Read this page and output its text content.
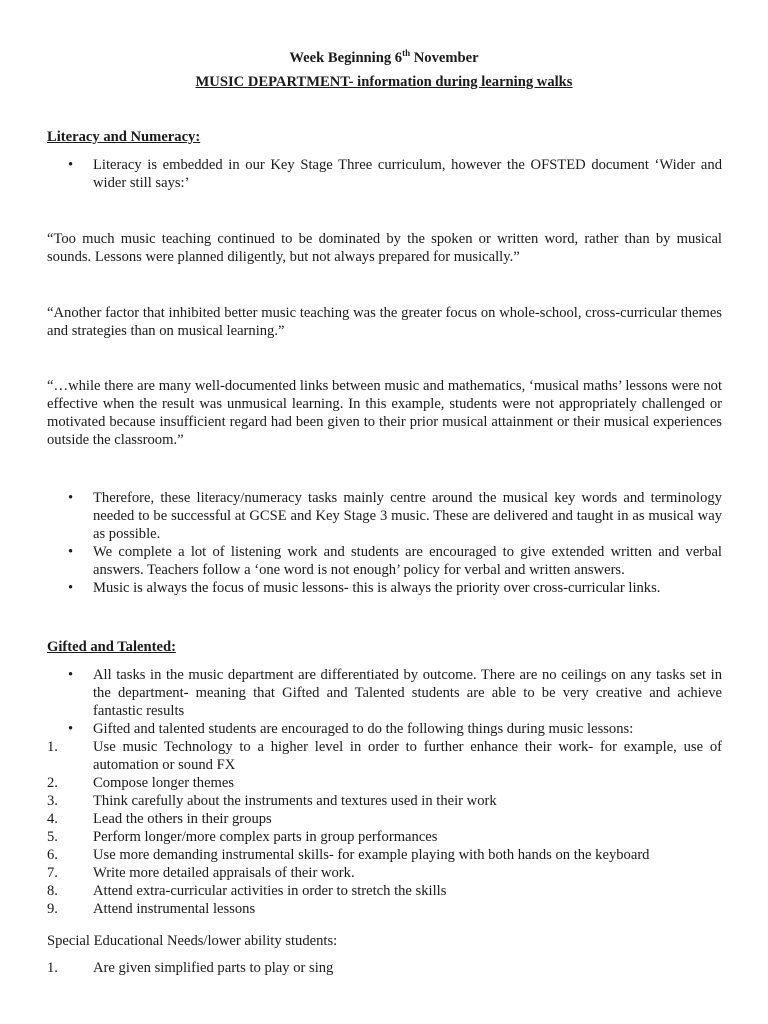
Week Beginning 6th November
MUSIC DEPARTMENT- information during learning walks
Literacy and Numeracy:
• Literacy is embedded in our Key Stage Three curriculum, however the OFSTED document ‘Wider and wider still says:’
“Too much music teaching continued to be dominated by the spoken or written word, rather than by musical sounds. Lessons were planned diligently, but not always prepared for musically.”
“Another factor that inhibited better music teaching was the greater focus on whole-school, cross-curricular themes and strategies than on musical learning.”
“…while there are many well-documented links between music and mathematics, ‘musical maths’ lessons were not effective when the result was unmusical learning. In this example, students were not appropriately challenged or motivated because insufficient regard had been given to their prior musical attainment or their musical experiences outside the classroom.”
• Therefore, these literacy/numeracy tasks mainly centre around the musical key words and terminology needed to be successful at GCSE and Key Stage 3 music. These are delivered and taught in as musical way as possible.
• We complete a lot of listening work and students are encouraged to give extended written and verbal answers. Teachers follow a ‘one word is not enough’ policy for verbal and written answers.
• Music is always the focus of music lessons- this is always the priority over cross-curricular links.
Gifted and Talented:
• All tasks in the music department are differentiated by outcome. There are no ceilings on any tasks set in the department- meaning that Gifted and Talented students are able to be very creative and achieve fantastic results
• Gifted and talented students are encouraged to do the following things during music lessons:
1. Use music Technology to a higher level in order to further enhance their work- for example, use of automation or sound FX
2. Compose longer themes
3. Think carefully about the instruments and textures used in their work
4. Lead the others in their groups
5. Perform longer/more complex parts in group performances
6. Use more demanding instrumental skills- for example playing with both hands on the keyboard
7. Write more detailed appraisals of their work.
8. Attend extra-curricular activities in order to stretch the skills
9. Attend instrumental lessons
Special Educational Needs/lower ability students:
1. Are given simplified parts to play or sing
